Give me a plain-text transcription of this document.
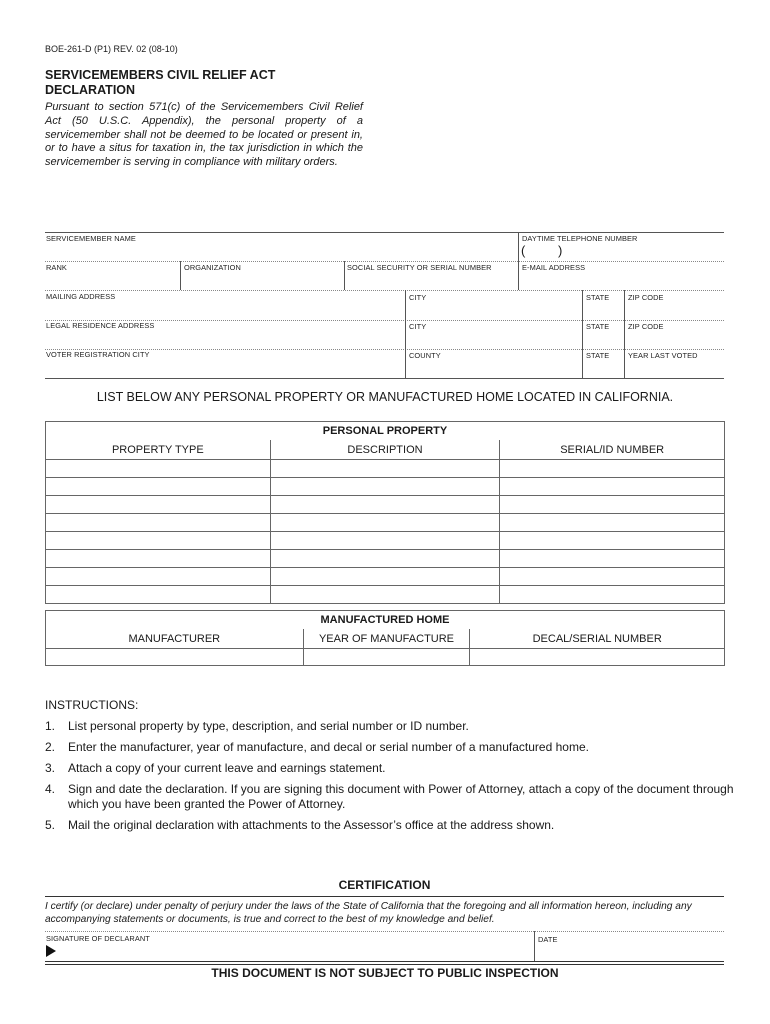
BOE-261-D (P1) REV. 02 (08-10)
SERVICEMEMBERS CIVIL RELIEF ACT
DECLARATION
Pursuant to section 571(c) of the Servicemembers Civil Relief Act (50 U.S.C. Appendix), the personal property of a servicemember shall not be deemed to be located or present in, or to have a situs for taxation in, the tax jurisdiction in which the servicemember is serving in compliance with military orders.
SERVICEMEMBER NAME	DAYTIME TELEPHONE NUMBER
(	)
RANK	ORGANIZATION	SOCIAL SECURITY OR SERIAL NUMBER	E-MAIL ADDRESS
MAILING ADDRESS	CITY	STATE	ZIP CODE
LEGAL RESIDENCE ADDRESS	CITY	STATE	ZIP CODE
VOTER REGISTRATION CITY	COUNTY	STATE	YEAR LAST VOTED
LIST BELOW ANY PERSONAL PROPERTY OR MANUFACTURED HOME LOCATED IN CALIFORNIA.
PERSONAL PROPERTY		
PROPERTY TYPE	DESCRIPTION	SERIAL/ID NUMBER

MANUFACTURED HOME		
MANUFACTURER	YEAR OF MANUFACTURE	DECAL/SERIAL NUMBER

INSTRUCTIONS:
1. List personal property by type, description, and serial number or ID number.
2. Enter the manufacturer, year of manufacture, and decal or serial number of a manufactured home.
3. Attach a copy of your current leave and earnings statement.
4. Sign and date the declaration. If you are signing this document with Power of Attorney, attach a copy of the document through which you have been granted the Power of Attorney.
5. Mail the original declaration with attachments to the Assessor’s office at the address shown.
CERTIFICATION
I certify (or declare) under penalty of perjury under the laws of the State of California that the foregoing and all information hereon, including any accompanying statements or documents, is true and correct to the best of my knowledge and belief.
SIGNATURE OF DECLARANT	DATE
THIS DOCUMENT IS NOT SUBJECT TO PUBLIC INSPECTION
